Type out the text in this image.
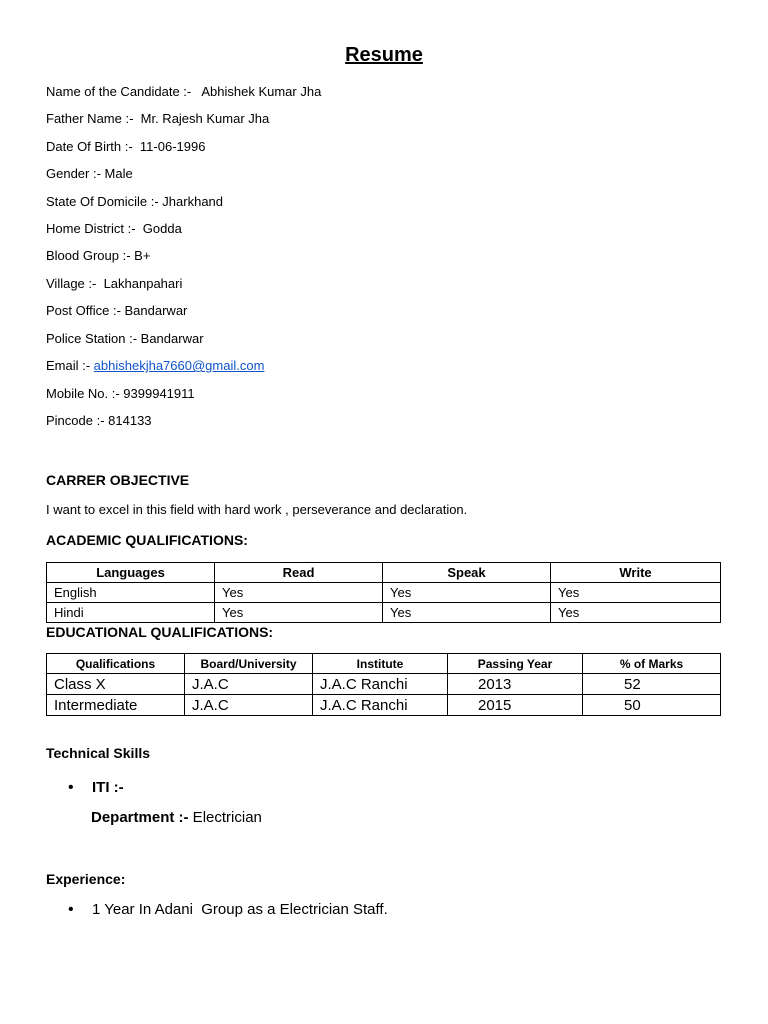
Resume
Name of the Candidate :-   Abhishek Kumar Jha
Father Name :-  Mr. Rajesh Kumar Jha
Date Of Birth :-  11-06-1996
Gender :- Male
State Of Domicile :- Jharkhand
Home District :-  Godda
Blood Group :- B+
Village :-  Lakhanpahari
Post Office :- Bandarwar
Police Station :- Bandarwar
Email :- abhishekjha7660@gmail.com
Mobile No. :- 9399941911
Pincode :- 814133
CARRER OBJECTIVE
I want to excel in this field with hard work , perseverance and declaration.
ACADEMIC QUALIFICATIONS:
Languages	Read	Speak	Write
English	Yes	Yes	Yes
Hindi	Yes	Yes	Yes
EDUCATIONAL QUALIFICATIONS:
Qualifications	Board/University	Institute	Passing Year	% of Marks
Class X	J.A.C	J.A.C Ranchi	2013	52
Intermediate	J.A.C	J.A.C Ranchi	2015	50
Technical Skills
• ITI :-
Department :- Electrician
Experience:
• 1 Year In Adani  Group as a Electrician Staff.
